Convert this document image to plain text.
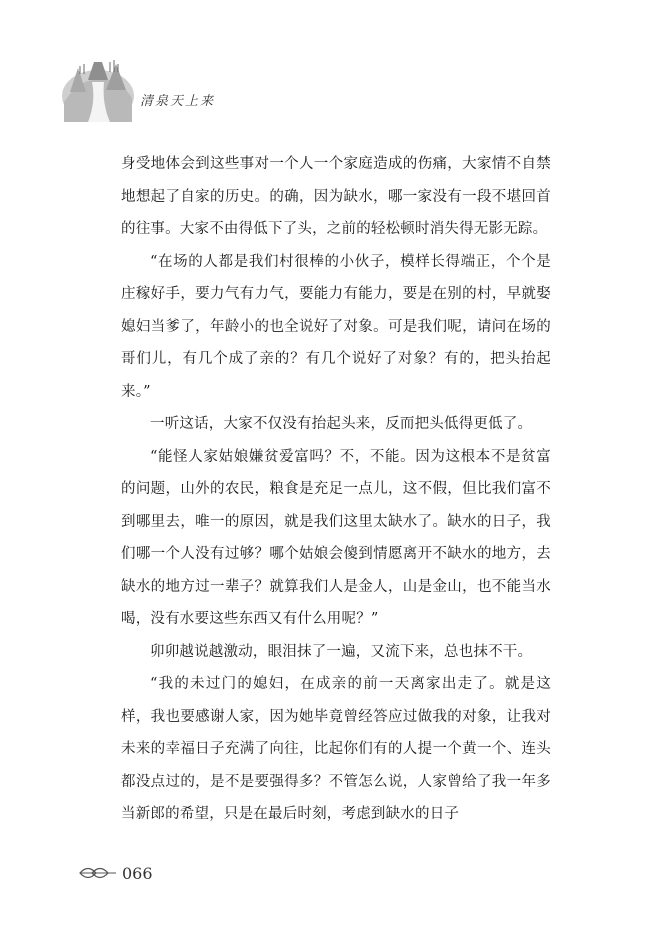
清泉天上来

身受地体会到这些事对一个人一个家庭造成的伤痛，大家情不自禁地想起了自家的历史。的确，因为缺水，哪一家没有一段不堪回首的往事。大家不由得低下了头，之前的轻松顿时消失得无影无踪。

“在场的人都是我们村很棒的小伙子，模样长得端正，个个是庄稼好手，要力气有力气，要能力有能力，要是在别的村，早就娶媳妇当爹了，年龄小的也全说好了对象。可是我们呢，请问在场的哥们儿，有几个成了亲的？有几个说好了对象？有的，把头抬起来。”

一听这话，大家不仅没有抬起头来，反而把头低得更低了。

“能怪人家姑娘嫌贫爱富吗？不，不能。因为这根本不是贫富的问题，山外的农民，粮食是充足一点儿，这不假，但比我们富不到哪里去，唯一的原因，就是我们这里太缺水了。缺水的日子，我们哪一个人没有过够？哪个姑娘会傻到情愿离开不缺水的地方，去缺水的地方过一辈子？就算我们人是金人，山是金山，也不能当水喝，没有水要这些东西又有什么用呢？”

卯卯越说越激动，眼泪抹了一遍，又流下来，总也抹不干。

“我的未过门的媳妇，在成亲的前一天离家出走了。就是这样，我也要感谢人家，因为她毕竟曾经答应过做我的对象，让我对未来的幸福日子充满了向往，比起你们有的人提一个黄一个、连头都没点过的，是不是要强得多？不管怎么说，人家曾给了我一年多当新郎的希望，只是在最后时刻，考虑到缺水的日子

066
